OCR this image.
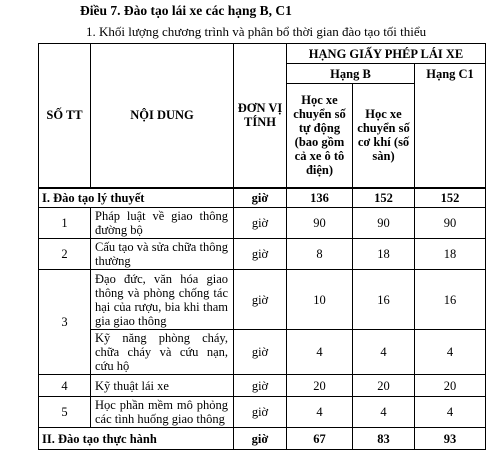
Điều 7. Đào tạo lái xe các hạng B, C1
1. Khối lượng chương trình và phân bổ thời gian đào tạo tối thiểu
SỐ TT	NỘI DUNG	ĐƠN VỊ TÍNH	HẠNG GIẤY PHÉP LÁI XE		
			Hạng B		Hạng C1
			Học xe chuyển số tự động (bao gồm cả xe ô tô điện)	Học xe chuyển số cơ khí (số sàn)	
I. Đào tạo lý thuyết		giờ	136	152	152
1	Pháp luật về giao thông đường bộ	giờ	90	90	90
2	Cấu tạo và sửa chữa thông thường	giờ	8	18	18
3	Đạo đức, văn hóa giao thông và phòng chống tác hại của rượu, bia khi tham gia giao thông	giờ	10	16	16
	Kỹ năng phòng cháy, chữa cháy và cứu nạn, cứu hộ	giờ	4	4	4
4	Kỹ thuật lái xe	giờ	20	20	20
5	Học phần mềm mô phỏng các tình huống giao thông	giờ	4	4	4
II. Đào tạo thực hành		giờ	67	83	93
